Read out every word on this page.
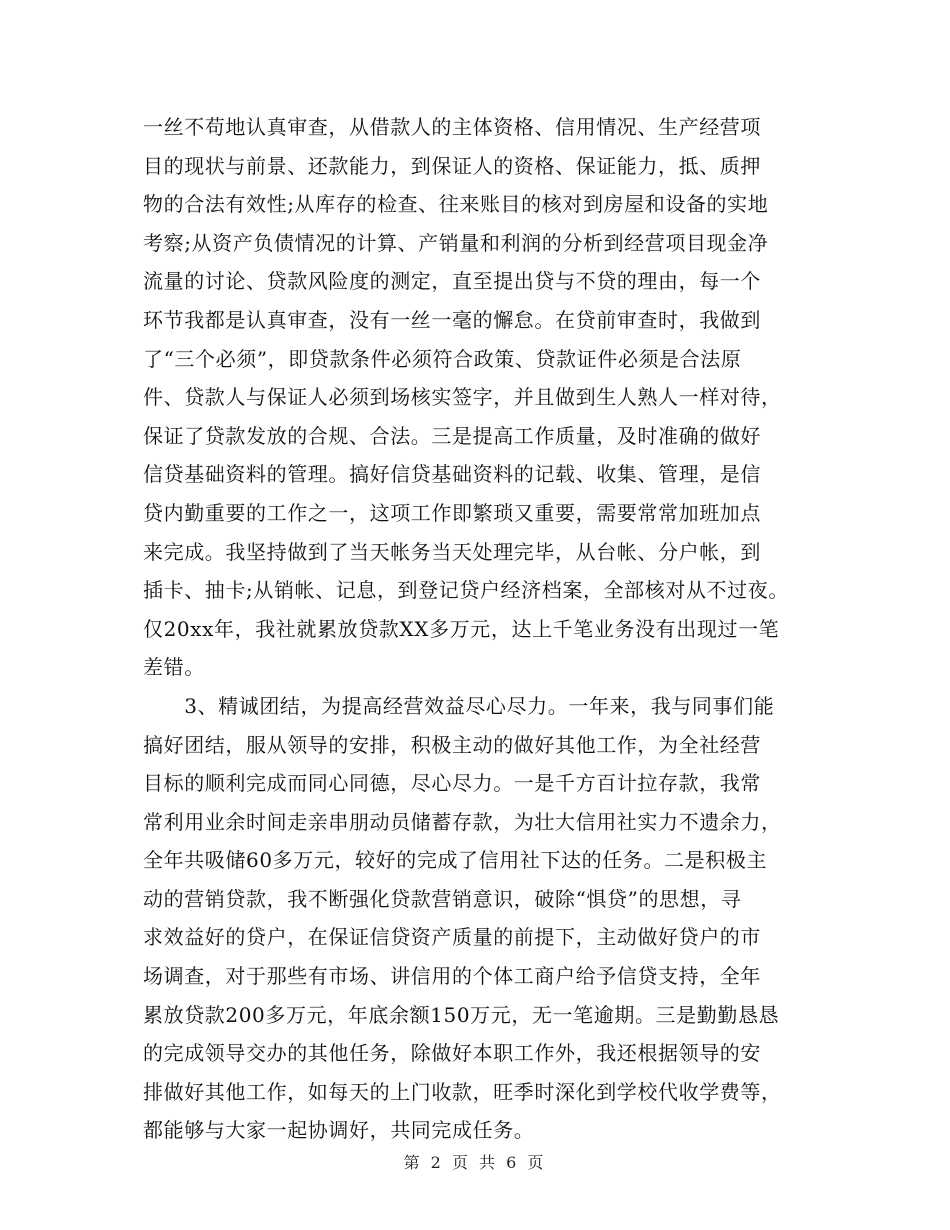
一丝不苟地认真审查，从借款人的主体资格、信用情况、生产经营项
目的现状与前景、还款能力，到保证人的资格、保证能力，抵、质押
物的合法有效性;从库存的检查、往来账目的核对到房屋和设备的实地
考察;从资产负债情况的计算、产销量和利润的分析到经营项目现金净
流量的讨论、贷款风险度的测定，直至提出贷与不贷的理由，每一个
环节我都是认真审查，没有一丝一毫的懈怠。在贷前审查时，我做到
了“三个必须”，即贷款条件必须符合政策、贷款证件必须是合法原
件、贷款人与保证人必须到场核实签字，并且做到生人熟人一样对待，
保证了贷款发放的合规、合法。三是提高工作质量，及时准确的做好
信贷基础资料的管理。搞好信贷基础资料的记载、收集、管理，是信
贷内勤重要的工作之一，这项工作即繁琐又重要，需要常常加班加点
来完成。我坚持做到了当天帐务当天处理完毕，从台帐、分户帐，到
插卡、抽卡;从销帐、记息，到登记贷户经济档案，全部核对从不过夜。
仅20xx年，我社就累放贷款XX多万元，达上千笔业务没有出现过一笔
差错。
　　3、精诚团结，为提高经营效益尽心尽力。一年来，我与同事们能
搞好团结，服从领导的安排，积极主动的做好其他工作，为全社经营
目标的顺利完成而同心同德，尽心尽力。一是千方百计拉存款，我常
常利用业余时间走亲串朋动员储蓄存款，为壮大信用社实力不遗余力，
全年共吸储60多万元，较好的完成了信用社下达的任务。二是积极主
动的营销贷款，我不断强化贷款营销意识，破除“惧贷”的思想，寻
求效益好的贷户，在保证信贷资产质量的前提下，主动做好贷户的市
场调查，对于那些有市场、讲信用的个体工商户给予信贷支持，全年
累放贷款200多万元，年底余额150万元，无一笔逾期。三是勤勤恳恳
的完成领导交办的其他任务，除做好本职工作外，我还根据领导的安
排做好其他工作，如每天的上门收款，旺季时深化到学校代收学费等，
都能够与大家一起协调好，共同完成任务。
第 2 页 共 6 页
